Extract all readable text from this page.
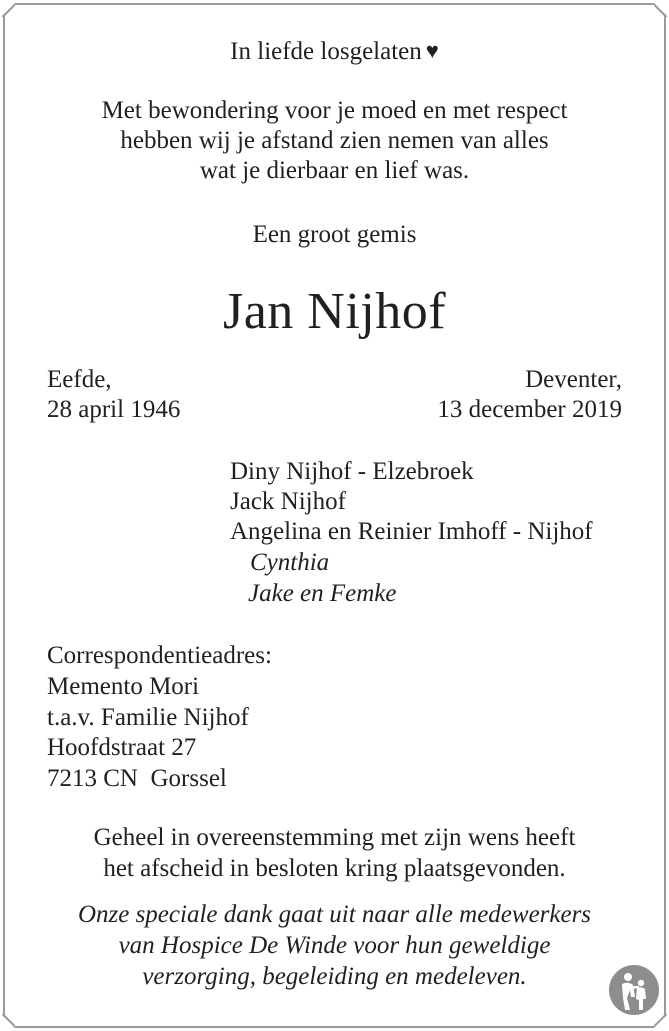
In liefde losgelaten ♥
Met bewondering voor je moed en met respect
hebben wij je afstand zien nemen van alles
wat je dierbaar en lief was.
Een groot gemis
Jan Nijhof
Eefde,
28 april 1946
Deventer,
13 december 2019
Diny Nijhof - Elzebroek
Jack Nijhof
Angelina en Reinier Imhoff - Nijhof
Cynthia
Jake en Femke
Correspondentieadres:
Memento Mori
t.a.v. Familie Nijhof
Hoofdstraat 27
7213 CN  Gorssel
Geheel in overeenstemming met zijn wens heeft
het afscheid in besloten kring plaatsgevonden.
Onze speciale dank gaat uit naar alle medewerkers
van Hospice De Winde voor hun geweldige
verzorging, begeleiding en medeleven.
